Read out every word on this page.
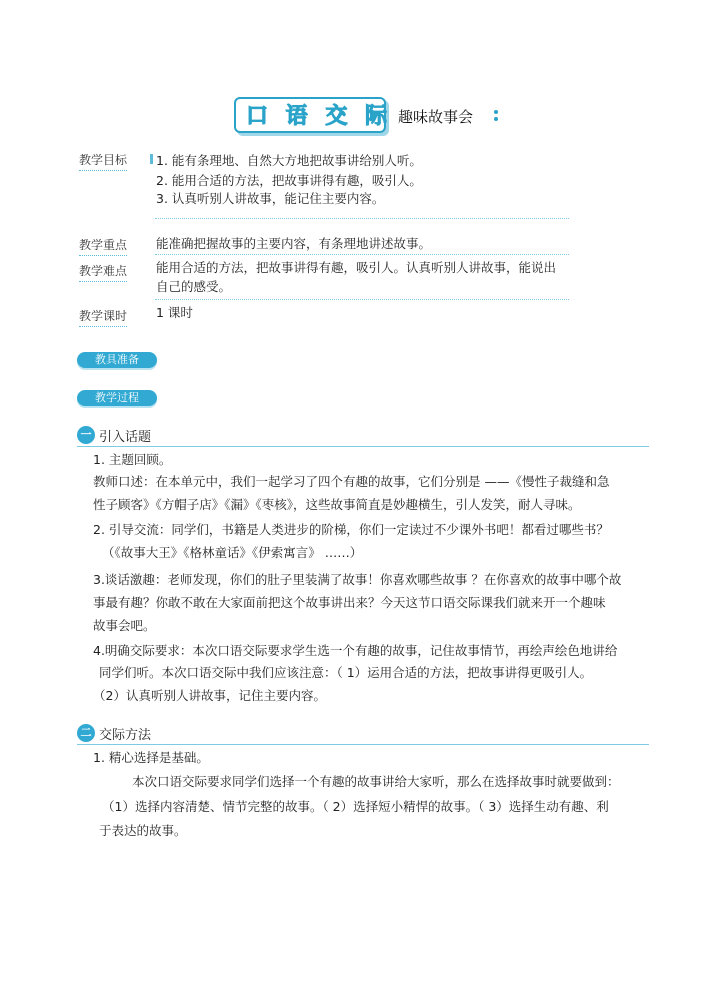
口 语 交 际 趣味故事会
教学目标 1. 能有条理地、自然大方地把故事讲给别人听。
2. 能用合适的方法，把故事讲得有趣，吸引人。
3. 认真听别人讲故事，能记住主要内容。
教学重点 能准确把握故事的主要内容，有条理地讲述故事。
教学难点 能用合适的方法，把故事讲得有趣，吸引人。认真听别人讲故事，能说出
自己的感受。
教学课时 1 课时
教具准备
教学过程
一 引入话题
1. 主题回顾。
教师口述：在本单元中，我们一起学习了四个有趣的故事，它们分别是 ——《慢性子裁缝和急
性子顾客》《方帽子店》《漏》《枣核》，这些故事简直是妙趣横生，引人发笑，耐人寻味。
2. 引导交流：同学们，书籍是人类进步的阶梯，你们一定读过不少课外书吧！都看过哪些书？
（《故事大王》《格林童话》《伊索寓言》 ……）
3.谈话激趣：老师发现，你们的肚子里装满了故事！你喜欢哪些故事 ？在你喜欢的故事中哪个故
事最有趣？你敢不敢在大家面前把这个故事讲出来？今天这节口语交际课我们就来开一个趣味
故事会吧。
4.明确交际要求：本次口语交际要求学生选一个有趣的故事，记住故事情节，再绘声绘色地讲给
同学们听。本次口语交际中我们应该注意：（ 1）运用合适的方法，把故事讲得更吸引人。
（2）认真听别人讲故事，记住主要内容。
二 交际方法
1. 精心选择是基础。
本次口语交际要求同学们选择一个有趣的故事讲给大家听，那么在选择故事时就要做到：
（1）选择内容清楚、情节完整的故事。（ 2）选择短小精悍的故事。（ 3）选择生动有趣、利
于表达的故事。
